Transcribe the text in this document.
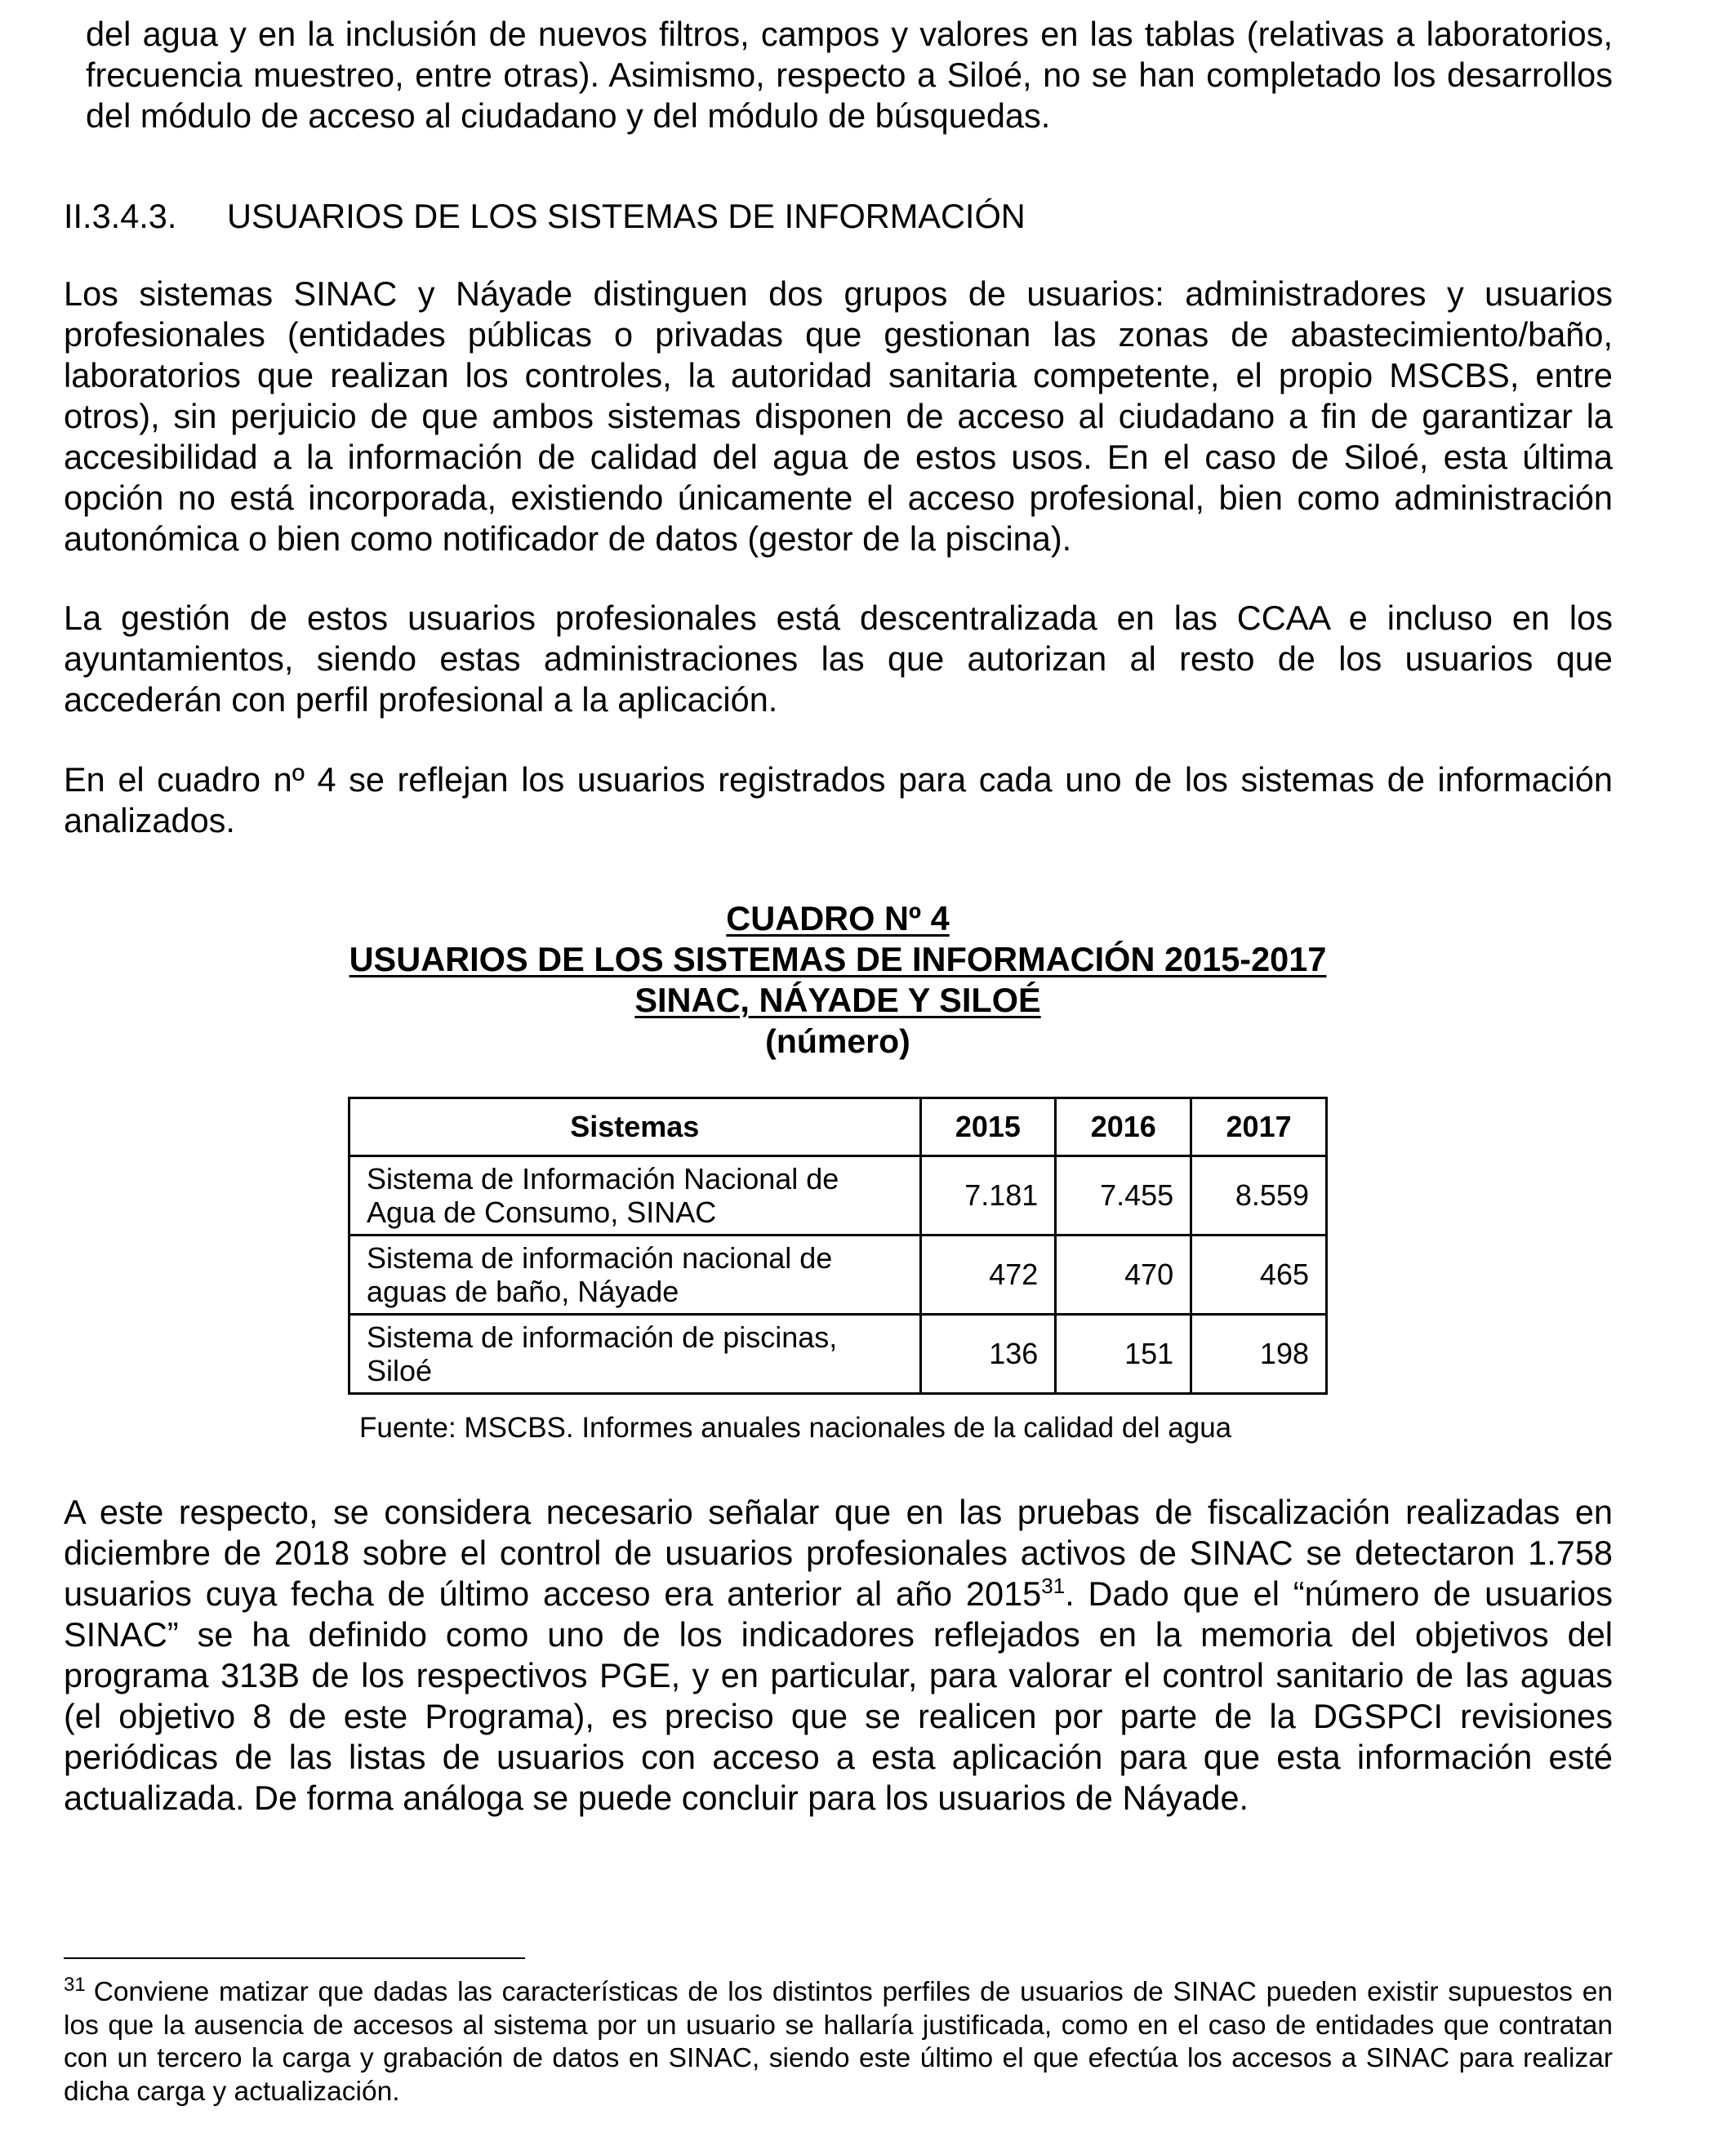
del agua y en la inclusión de nuevos filtros, campos y valores en las tablas (relativas a laboratorios, frecuencia muestreo, entre otras). Asimismo, respecto a Siloé, no se han completado los desarrollos del módulo de acceso al ciudadano y del módulo de búsquedas.

II.3.4.3. USUARIOS DE LOS SISTEMAS DE INFORMACIÓN

Los sistemas SINAC y Náyade distinguen dos grupos de usuarios: administradores y usuarios profesionales (entidades públicas o privadas que gestionan las zonas de abastecimiento/baño, laboratorios que realizan los controles, la autoridad sanitaria competente, el propio MSCBS, entre otros), sin perjuicio de que ambos sistemas disponen de acceso al ciudadano a fin de garantizar la accesibilidad a la información de calidad del agua de estos usos. En el caso de Siloé, esta última opción no está incorporada, existiendo únicamente el acceso profesional, bien como administración autonómica o bien como notificador de datos (gestor de la piscina).

La gestión de estos usuarios profesionales está descentralizada en las CCAA e incluso en los ayuntamientos, siendo estas administraciones las que autorizan al resto de los usuarios que accederán con perfil profesional a la aplicación.

En el cuadro nº 4 se reflejan los usuarios registrados para cada uno de los sistemas de información analizados.

CUADRO Nº 4
USUARIOS DE LOS SISTEMAS DE INFORMACIÓN 2015-2017
SINAC, NÁYADE Y SILOÉ
(número)
Sistemas	2015	2016	2017
Sistema de Información Nacional de
Agua de Consumo, SINAC	7.181	7.455	8.559
Sistema de información nacional de
aguas de baño, Náyade	472	470	465
Sistema de información de piscinas,
Siloé	136	151	198
Fuente: MSCBS. Informes anuales nacionales de la calidad del agua

A este respecto, se considera necesario señalar que en las pruebas de fiscalización realizadas en diciembre de 2018 sobre el control de usuarios profesionales activos de SINAC se detectaron 1.758 usuarios cuya fecha de último acceso era anterior al año 2015$^{31}$. Dado que el “número de usuarios SINAC” se ha definido como uno de los indicadores reflejados en la memoria del objetivos del programa 313B de los respectivos PGE, y en particular, para valorar el control sanitario de las aguas (el objetivo 8 de este Programa), es preciso que se realicen por parte de la DGSPCI revisiones periódicas de las listas de usuarios con acceso a esta aplicación para que esta información esté actualizada. De forma análoga se puede concluir para los usuarios de Náyade.

$^{31}$ Conviene matizar que dadas las características de los distintos perfiles de usuarios de SINAC pueden existir supuestos en los que la ausencia de accesos al sistema por un usuario se hallaría justificada, como en el caso de entidades que contratan con un tercero la carga y grabación de datos en SINAC, siendo este último el que efectúa los accesos a SINAC para realizar dicha carga y actualización.
